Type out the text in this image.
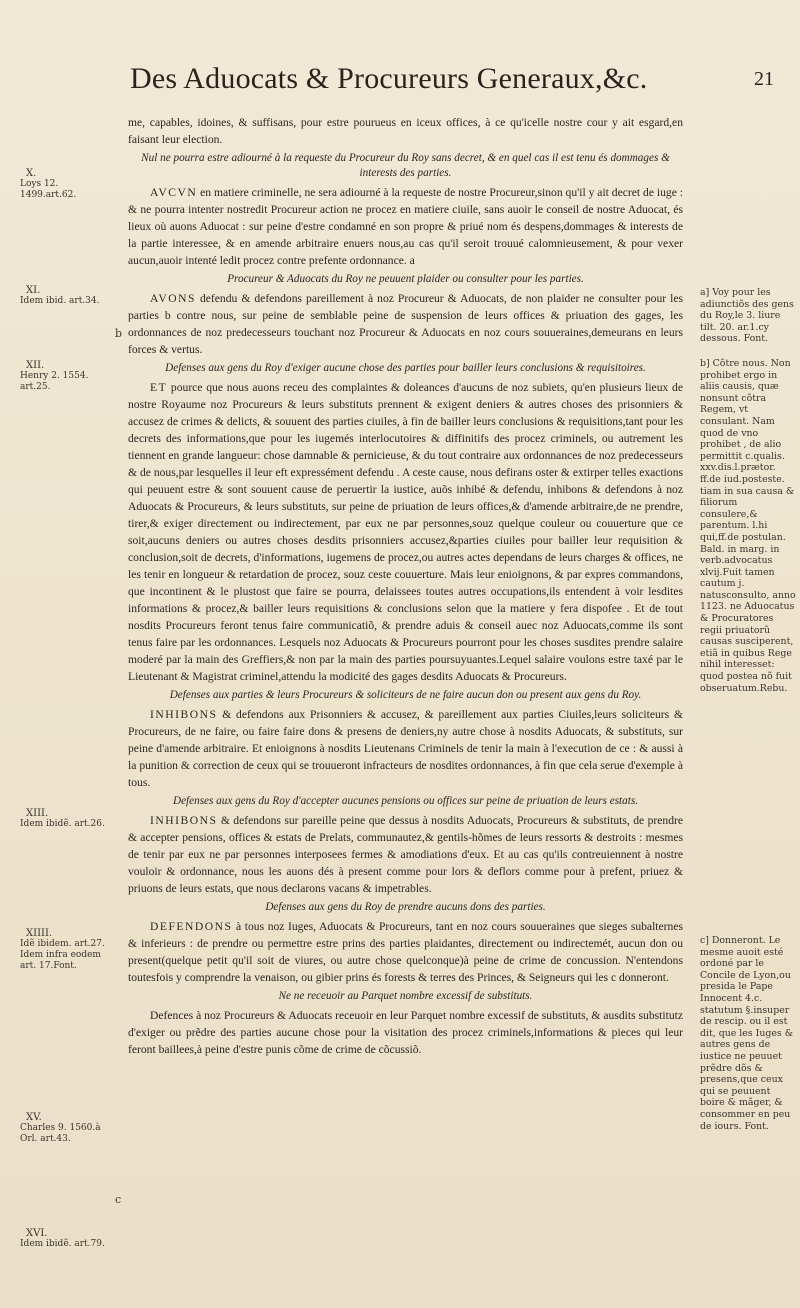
Des Aduocats & Procureurs Generaux,&c.	21

me, capables, idoines, & suffisans, pour estre pourueus en iceux offices, à ce qu'icelle nostre cour y ait esgard,en faisant leur election.

Nul ne pourra estre adiourné à la requeste du Procureur du Roy sans decret, & en quel cas il est tenu és dommages & interests des parties.

AVCVN en matiere criminelle, ne sera adiourné à la requeste de nostre Procureur,sinon qu'il y ait decret de iuge : & ne pourra intenter nostredit Procureur action ne procez en matiere ciuile, sans auoir le conseil de nostre Aduocat, és lieux où auons Aduocat : sur peine d'estre condamné en son propre & priué nom és despens,dommages & interests de la partie interessee, & en amende arbitraire enuers nous,au cas qu'il seroit trouué calomnieusement, & pour vexer aucun,auoir intenté ledit procez contre prefente ordonnance. a

Procureur & Aduocats du Roy ne peuuent plaider ou consulter pour les parties.

AVONS defendu & defendons pareillement à noz Procureur & Aduocats, de non plaider ne consulter pour les parties b contre nous, sur peine de semblable peine de suspension de leurs offices & priuation des gages, les ordonnances de noz predecesseurs touchant noz Procureur & Aduocats en noz cours souueraines,demeurans en leurs forces & vertus.

Defenses aux gens du Roy d'exiger aucune chose des parties pour bailler leurs conclusions & requisitoires.

ET pource que nous auons receu des complaintes & doleances d'aucuns de noz subiets, qu'en plusieurs lieux de nostre Royaume noz Procureurs & leurs substituts prennent & exigent deniers & autres choses des prisonniers & accusez de crimes & delicts, & souuent des parties ciuiles, à fin de bailler leurs conclusions & requisitions,tant pour les decrets des informations,que pour les iugemés interlocutoires & diffinitifs des procez criminels, ou autrement les tiennent en grande langueur: chose damnable & pernicieuse, & du tout contraire aux ordonnances de noz predecesseurs & de nous,par lesquelles il leur eft expressément defendu . A ceste cause, nous defirans oster & extirper telles exactions qui peuuent estre & sont souuent cause de peruertir la iustice, auõs inhibé & defendu, inhibons & defendons à noz Aduocats & Procureurs, & leurs substituts, sur peine de priuation de leurs offices,& d'amende arbitraire,de ne prendre, tirer,& exiger directement ou indirectement, par eux ne par personnes,souz quelque couleur ou couuerture que ce soit,aucuns deniers ou autres choses desdits prisonniers accusez,&parties ciuiles pour bailler leur requisition & conclusion,soit de decrets, d'informations, iugemens de procez,ou autres actes dependans de leurs charges & offices, ne les tenir en longueur & retardation de procez, souz ceste couuerture. Mais leur enioignons, & par expres commandons, que incontinent & le plustost que faire se pourra, delaissees toutes autres occupations,ils entendent à voir lesdites informations & procez,& bailler leurs requisitions & conclusions selon que la matiere y fera dispofee . Et de tout nosdits Procureurs feront tenus faire communicatiõ, & prendre aduis & conseil auec noz Aduocats,comme ils sont tenus faire par les ordonnances. Lesquels noz Aduocats & Procureurs pourront pour les choses susdites prendre salaire moderé par la main des Greffiers,& non par la main des parties poursuyuantes.Lequel salaire voulons estre taxé par le Lieutenant & Magistrat criminel,attendu la modicité des gages desdits Aduocats & Procureurs.

Defenses aux parties & leurs Procureurs & soliciteurs de ne faire aucun don ou present aux gens du Roy.

INHIBONS & defendons aux Prisonniers & accusez, & pareillement aux parties Ciuiles,leurs soliciteurs & Procureurs, de ne faire, ou faire faire dons & presens de deniers,ny autre chose à nosdits Aduocats, & substituts, sur peine d'amende arbitraire. Et enioignons à nosdits Lieutenans Criminels de tenir la main à l'execution de ce : & aussi à la punition & correction de ceux qui se trouueront infracteurs de nosdites ordonnances, à fin que cela serue d'exemple à tous.

Defenses aux gens du Roy d'accepter aucunes pensions ou offices sur peine de priuation de leurs estats.

INHIBONS & defendons sur pareille peine que dessus à nosdits Aduocats, Procureurs & substituts, de prendre & accepter pensions, offices & estats de Prelats, communautez,& gentils-hõmes de leurs ressorts & destroits : mesmes de tenir par eux ne par personnes interposees fermes & amodiations d'eux. Et au cas qu'ils contreuiennent à nostre vouloir & ordonnance, nous les auons dés à present comme pour lors & deflors comme pour à prefent, priuez & priuons de leurs estats, que nous declarons vacans & impetrables.

Defenses aux gens du Roy de prendre aucuns dons des parties.

DEFENDONS à tous noz Iuges, Aduocats & Procureurs, tant en noz cours souueraines que sieges subalternes & inferieurs : de prendre ou permettre estre prins des parties plaidantes, directement ou indirectemét, aucun don ou present(quelque petit qu'il soit de viures, ou autre chose quelconque)à peine de crime de concussion. N'entendons toutesfois y comprendre la venaison, ou gibier prins és forests & terres des Princes, & Seigneurs qui les c donneront.

Ne ne receuoir au Parquet nombre excessif de substituts.

Defences à noz Procureurs & Aduocats receuoir en leur Parquet nombre excessif de substituts, & ausdits substitutz d'exiger ou prẽdre des parties aucune chose pour la visitation des procez criminels,informations & pieces qui leur feront baillees,à peine d'estre punis cõme de crime de cõcussiõ.

X.
Loys 12. 1499.art.62.
XI.
Idem ibid. art.34.
XII.
Henry 2. 1554. art.25.
XIII.
Idem ibidẽ. art.26.
XIIII.
Idẽ ibidem. art.27. Idem infra eodem art. 17.Font.
XV.
Charles 9. 1560.à Orl. art.43.
XVI.
Idem ibidẽ. art.79.
b
c
a] Voy pour les adiunctiõs des gens du Roy,le 3. liure tilt. 20. ar.1.cy dessous. Font.
b] Cõtre nous. Non prohibet ergo in aliis causis, quæ nonsunt cõtra Regem, vt consulant. Nam quod de vno prohibet , de alio permittit c.qualis. xxv.dis.l.prætor. ff.de iud.posteste. tiam in sua causa & filiorum consulere,& parentum. l.hi qui,ff.de postulan. Bald. in marg. in verb.advocatus xlvij.Fuit tamen cautum j. natusconsulto, anno 1123. ne Aduocatus & Procuratores regii priuatorũ causas susciperent, etiã in quibus Rege nihil interesset: quod postea nõ fuit obseruatum.Rebu.
c] Donneront. Le mesme auoit esté ordoné par le Concile de Lyon,ou presida le Pape Innocent 4.c. statutum §.insuper de rescip. ou il est dit, que les Iuges & autres gens de iustice ne peuuet prẽdre dõs & presens,que ceux qui se peuuent boire & mãger, & consommer en peu de iours. Font.
